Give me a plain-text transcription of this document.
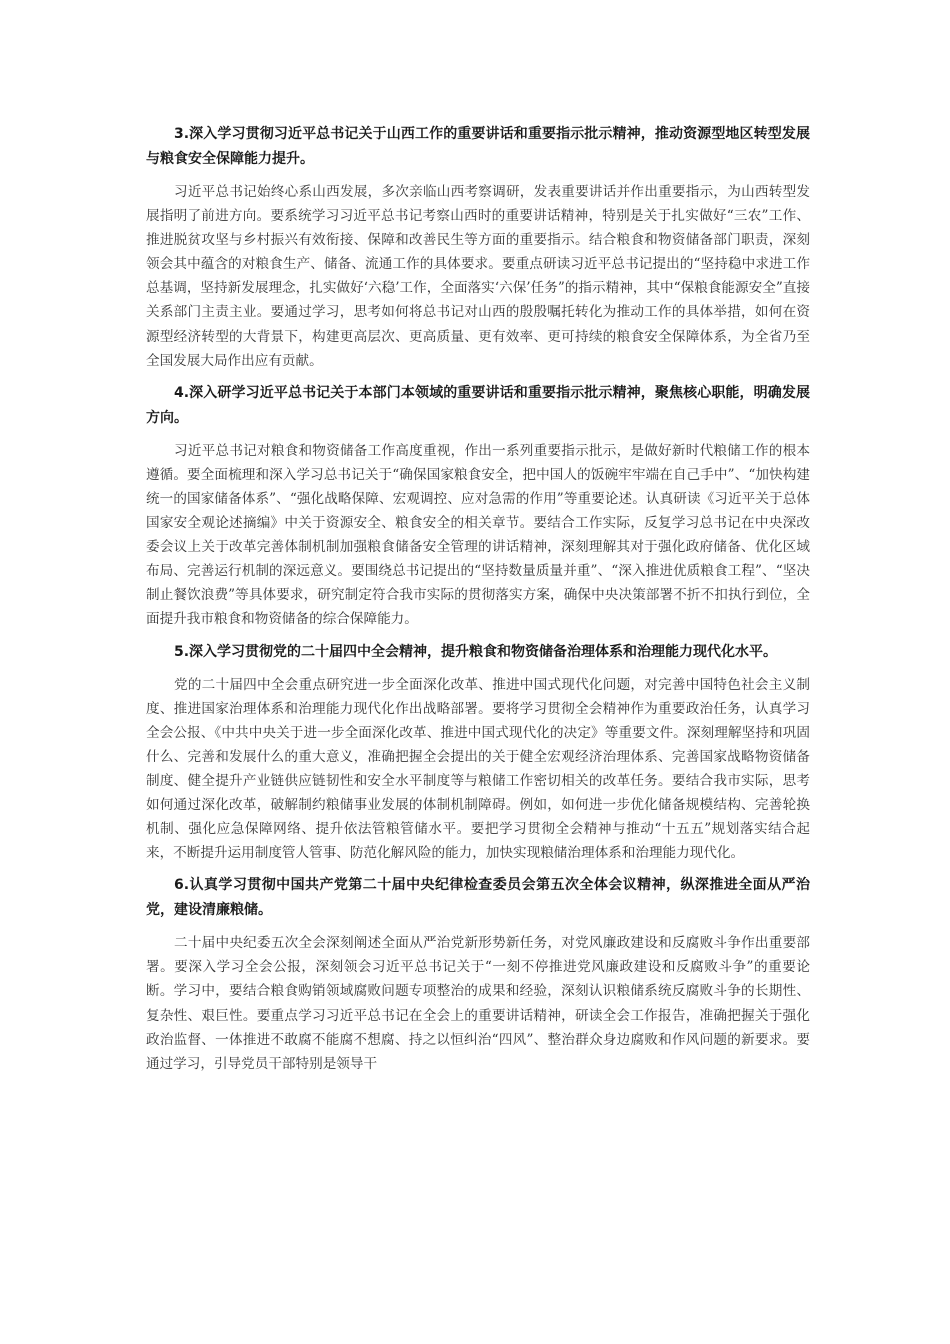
3.深入学习贯彻习近平总书记关于山西工作的重要讲话和重要指示批示精神，推动资源型地区转型发展与粮食安全保障能力提升。

习近平总书记始终心系山西发展，多次亲临山西考察调研，发表重要讲话并作出重要指示，为山西转型发展指明了前进方向。要系统学习习近平总书记考察山西时的重要讲话精神，特别是关于扎实做好“三农”工作、推进脱贫攻坚与乡村振兴有效衔接、保障和改善民生等方面的重要指示。结合粮食和物资储备部门职责，深刻领会其中蕴含的对粮食生产、储备、流通工作的具体要求。要重点研读习近平总书记提出的“坚持稳中求进工作总基调，坚持新发展理念，扎实做好‘六稳’工作，全面落实‘六保’任务”的指示精神，其中“保粮食能源安全”直接关系部门主责主业。要通过学习，思考如何将总书记对山西的殷殷嘱托转化为推动工作的具体举措，如何在资源型经济转型的大背景下，构建更高层次、更高质量、更有效率、更可持续的粮食安全保障体系，为全省乃至全国发展大局作出应有贡献。

4.深入研学习近平总书记关于本部门本领域的重要讲话和重要指示批示精神，聚焦核心职能，明确发展方向。

习近平总书记对粮食和物资储备工作高度重视，作出一系列重要指示批示，是做好新时代粮储工作的根本遵循。要全面梳理和深入学习总书记关于“确保国家粮食安全，把中国人的饭碗牢牢端在自己手中”、“加快构建统一的国家储备体系”、“强化战略保障、宏观调控、应对急需的作用”等重要论述。认真研读《习近平关于总体国家安全观论述摘编》中关于资源安全、粮食安全的相关章节。要结合工作实际，反复学习总书记在中央深改委会议上关于改革完善体制机制加强粮食储备安全管理的讲话精神，深刻理解其对于强化政府储备、优化区域布局、完善运行机制的深远意义。要围绕总书记提出的“坚持数量质量并重”、“深入推进优质粮食工程”、“坚决制止餐饮浪费”等具体要求，研究制定符合我市实际的贯彻落实方案，确保中央决策部署不折不扣执行到位，全面提升我市粮食和物资储备的综合保障能力。

5.深入学习贯彻党的二十届四中全会精神，提升粮食和物资储备治理体系和治理能力现代化水平。

党的二十届四中全会重点研究进一步全面深化改革、推进中国式现代化问题，对完善中国特色社会主义制度、推进国家治理体系和治理能力现代化作出战略部署。要将学习贯彻全会精神作为重要政治任务，认真学习全会公报、《中共中央关于进一步全面深化改革、推进中国式现代化的决定》等重要文件。深刻理解坚持和巩固什么、完善和发展什么的重大意义，准确把握全会提出的关于健全宏观经济治理体系、完善国家战略物资储备制度、健全提升产业链供应链韧性和安全水平制度等与粮储工作密切相关的改革任务。要结合我市实际，思考如何通过深化改革，破解制约粮储事业发展的体制机制障碍。例如，如何进一步优化储备规模结构、完善轮换机制、强化应急保障网络、提升依法管粮管储水平。要把学习贯彻全会精神与推动“十五五”规划落实结合起来，不断提升运用制度管人管事、防范化解风险的能力，加快实现粮储治理体系和治理能力现代化。

6.认真学习贯彻中国共产党第二十届中央纪律检查委员会第五次全体会议精神，纵深推进全面从严治党，建设清廉粮储。

二十届中央纪委五次全会深刻阐述全面从严治党新形势新任务，对党风廉政建设和反腐败斗争作出重要部署。要深入学习全会公报，深刻领会习近平总书记关于“一刻不停推进党风廉政建设和反腐败斗争”的重要论断。学习中，要结合粮食购销领域腐败问题专项整治的成果和经验，深刻认识粮储系统反腐败斗争的长期性、复杂性、艰巨性。要重点学习习近平总书记在全会上的重要讲话精神，研读全会工作报告，准确把握关于强化政治监督、一体推进不敢腐不能腐不想腐、持之以恒纠治“四风”、整治群众身边腐败和作风问题的新要求。要通过学习，引导党员干部特别是领导干
